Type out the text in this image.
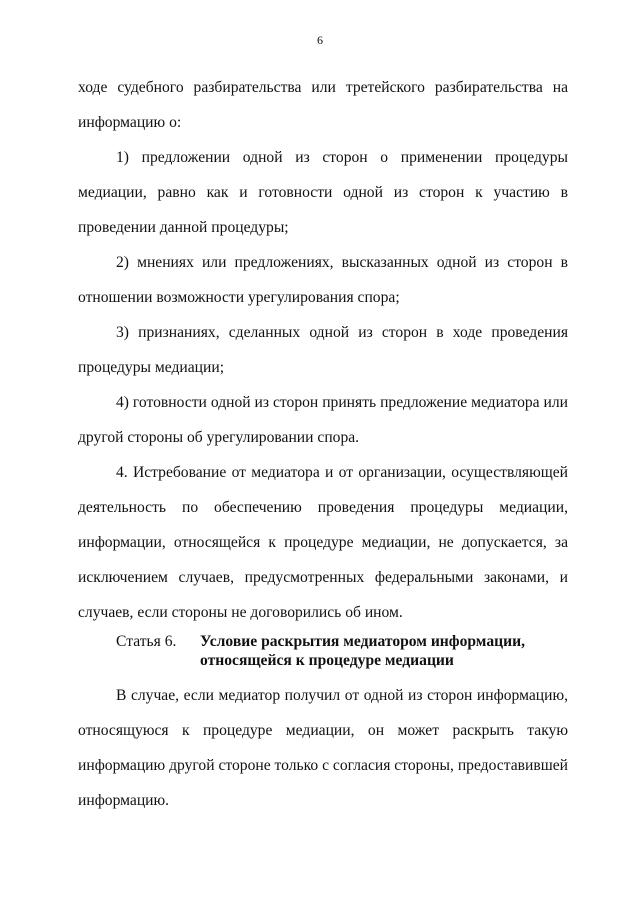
6

ходе судебного разбирательства или третейского разбирательства на информацию о:

1) предложении одной из сторон о применении процедуры медиации, равно как и готовности одной из сторон к участию в проведении данной процедуры;

2) мнениях или предложениях, высказанных одной из сторон в отношении возможности урегулирования спора;

3) признаниях, сделанных одной из сторон в ходе проведения процедуры медиации;

4) готовности одной из сторон принять предложение медиатора или другой стороны об урегулировании спора.

4. Истребование от медиатора и от организации, осуществляющей деятельность по обеспечению проведения процедуры медиации, информации, относящейся к процедуре медиации, не допускается, за исключением случаев, предусмотренных федеральными законами, и случаев, если стороны не договорились об ином.

Статья 6.	Условие раскрытия медиатором информации,
относящейся к процедуре медиации

В случае, если медиатор получил от одной из сторон информацию, относящуюся к процедуре медиации, он может раскрыть такую информацию другой стороне только с согласия стороны, предоставившей информацию.
